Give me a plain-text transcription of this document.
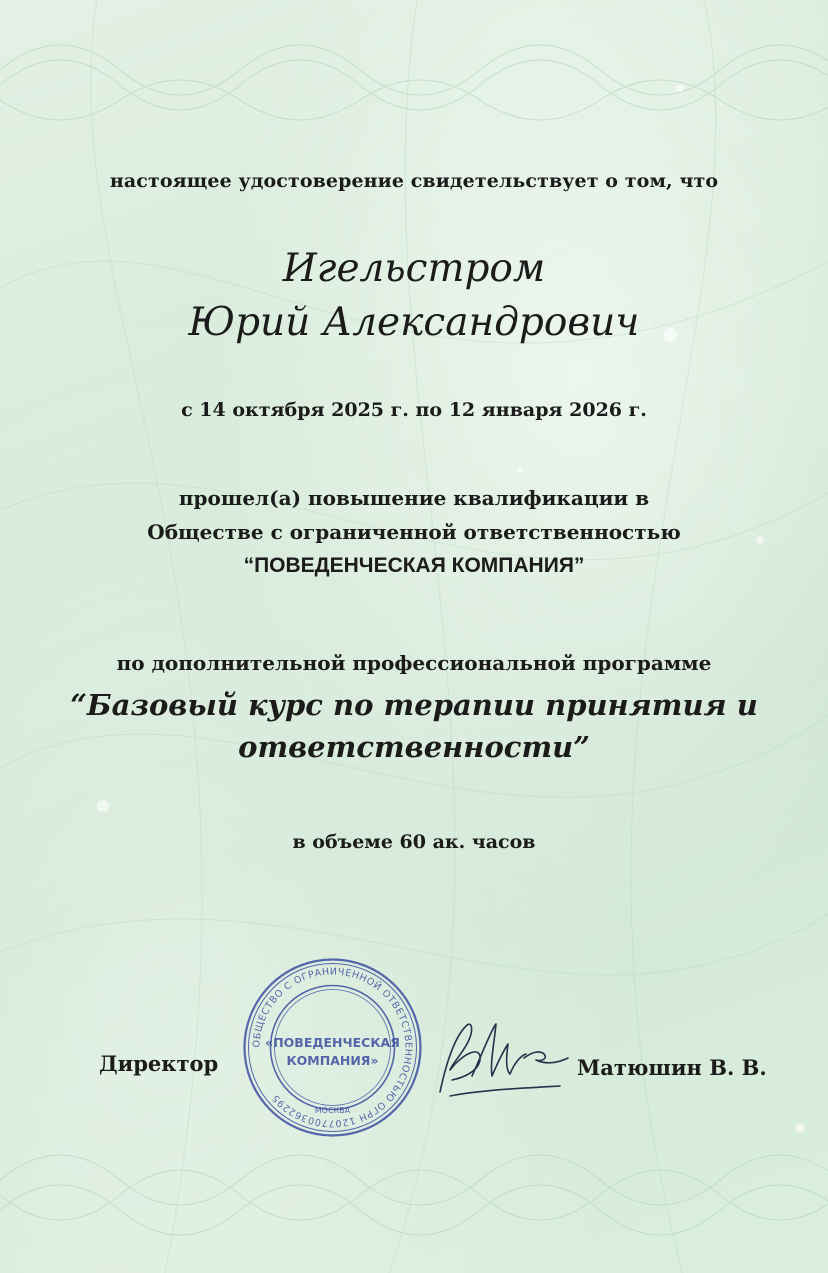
настоящее удостоверение свидетельствует о том, что
Игельстром
Юрий Александрович
с 14 октября 2025 г. по 12 января 2026 г.
прошел(а) повышение квалификации в
Обществе с ограниченной ответственностью
“ПОВЕДЕНЧЕСКАЯ КОМПАНИЯ”
по дополнительной профессиональной программе
“Базовый курс по терапии принятия и
ответственности”
в объеме 60 ак. часов
Директор
ОБЩЕСТВО С ОГРАНИЧЕННОЙ ОТВЕТСТВЕННОСТЬЮ ОГРН 1207700362295
«ПОВЕДЕНЧЕСКАЯ
КОМПАНИЯ»
МОСКВА
Матюшин В. В.
